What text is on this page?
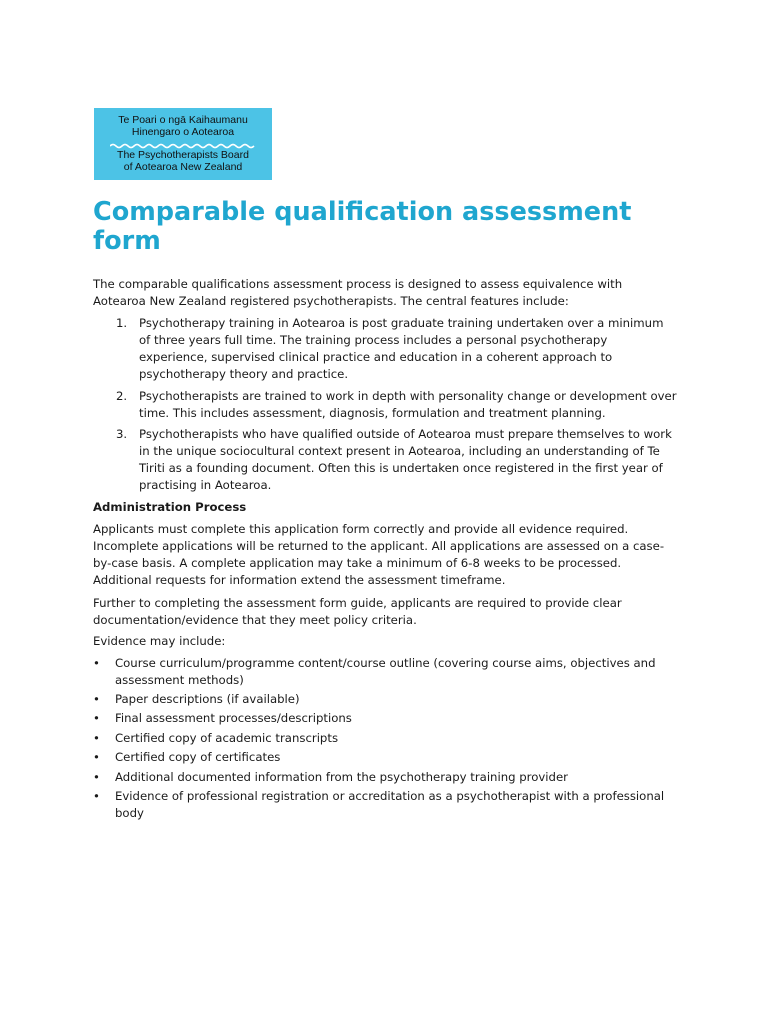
Te Poari o ngā Kaihaumanu
Hinengaro o Aotearoa
The Psychotherapists Board
of Aotearoa New Zealand
Comparable qualification assessment
form
The comparable qualifications assessment process is designed to assess equivalence with
Aotearoa New Zealand registered psychotherapists. The central features include:
1. Psychotherapy training in Aotearoa is post graduate training undertaken over a minimum
of three years full time. The training process includes a personal psychotherapy
experience, supervised clinical practice and education in a coherent approach to
psychotherapy theory and practice.
2. Psychotherapists are trained to work in depth with personality change or development over
time. This includes assessment, diagnosis, formulation and treatment planning.
3. Psychotherapists who have qualified outside of Aotearoa must prepare themselves to work
in the unique sociocultural context present in Aotearoa, including an understanding of Te
Tiriti as a founding document. Often this is undertaken once registered in the first year of
practising in Aotearoa.
Administration Process
Applicants must complete this application form correctly and provide all evidence required.
Incomplete applications will be returned to the applicant. All applications are assessed on a case-
by-case basis. A complete application may take a minimum of 6-8 weeks to be processed.
Additional requests for information extend the assessment timeframe.
Further to completing the assessment form guide, applicants are required to provide clear
documentation/evidence that they meet policy criteria.
Evidence may include:
• Course curriculum/programme content/course outline (covering course aims, objectives and
assessment methods)
• Paper descriptions (if available)
• Final assessment processes/descriptions
• Certified copy of academic transcripts
• Certified copy of certificates
• Additional documented information from the psychotherapy training provider
• Evidence of professional registration or accreditation as a psychotherapist with a professional
body
